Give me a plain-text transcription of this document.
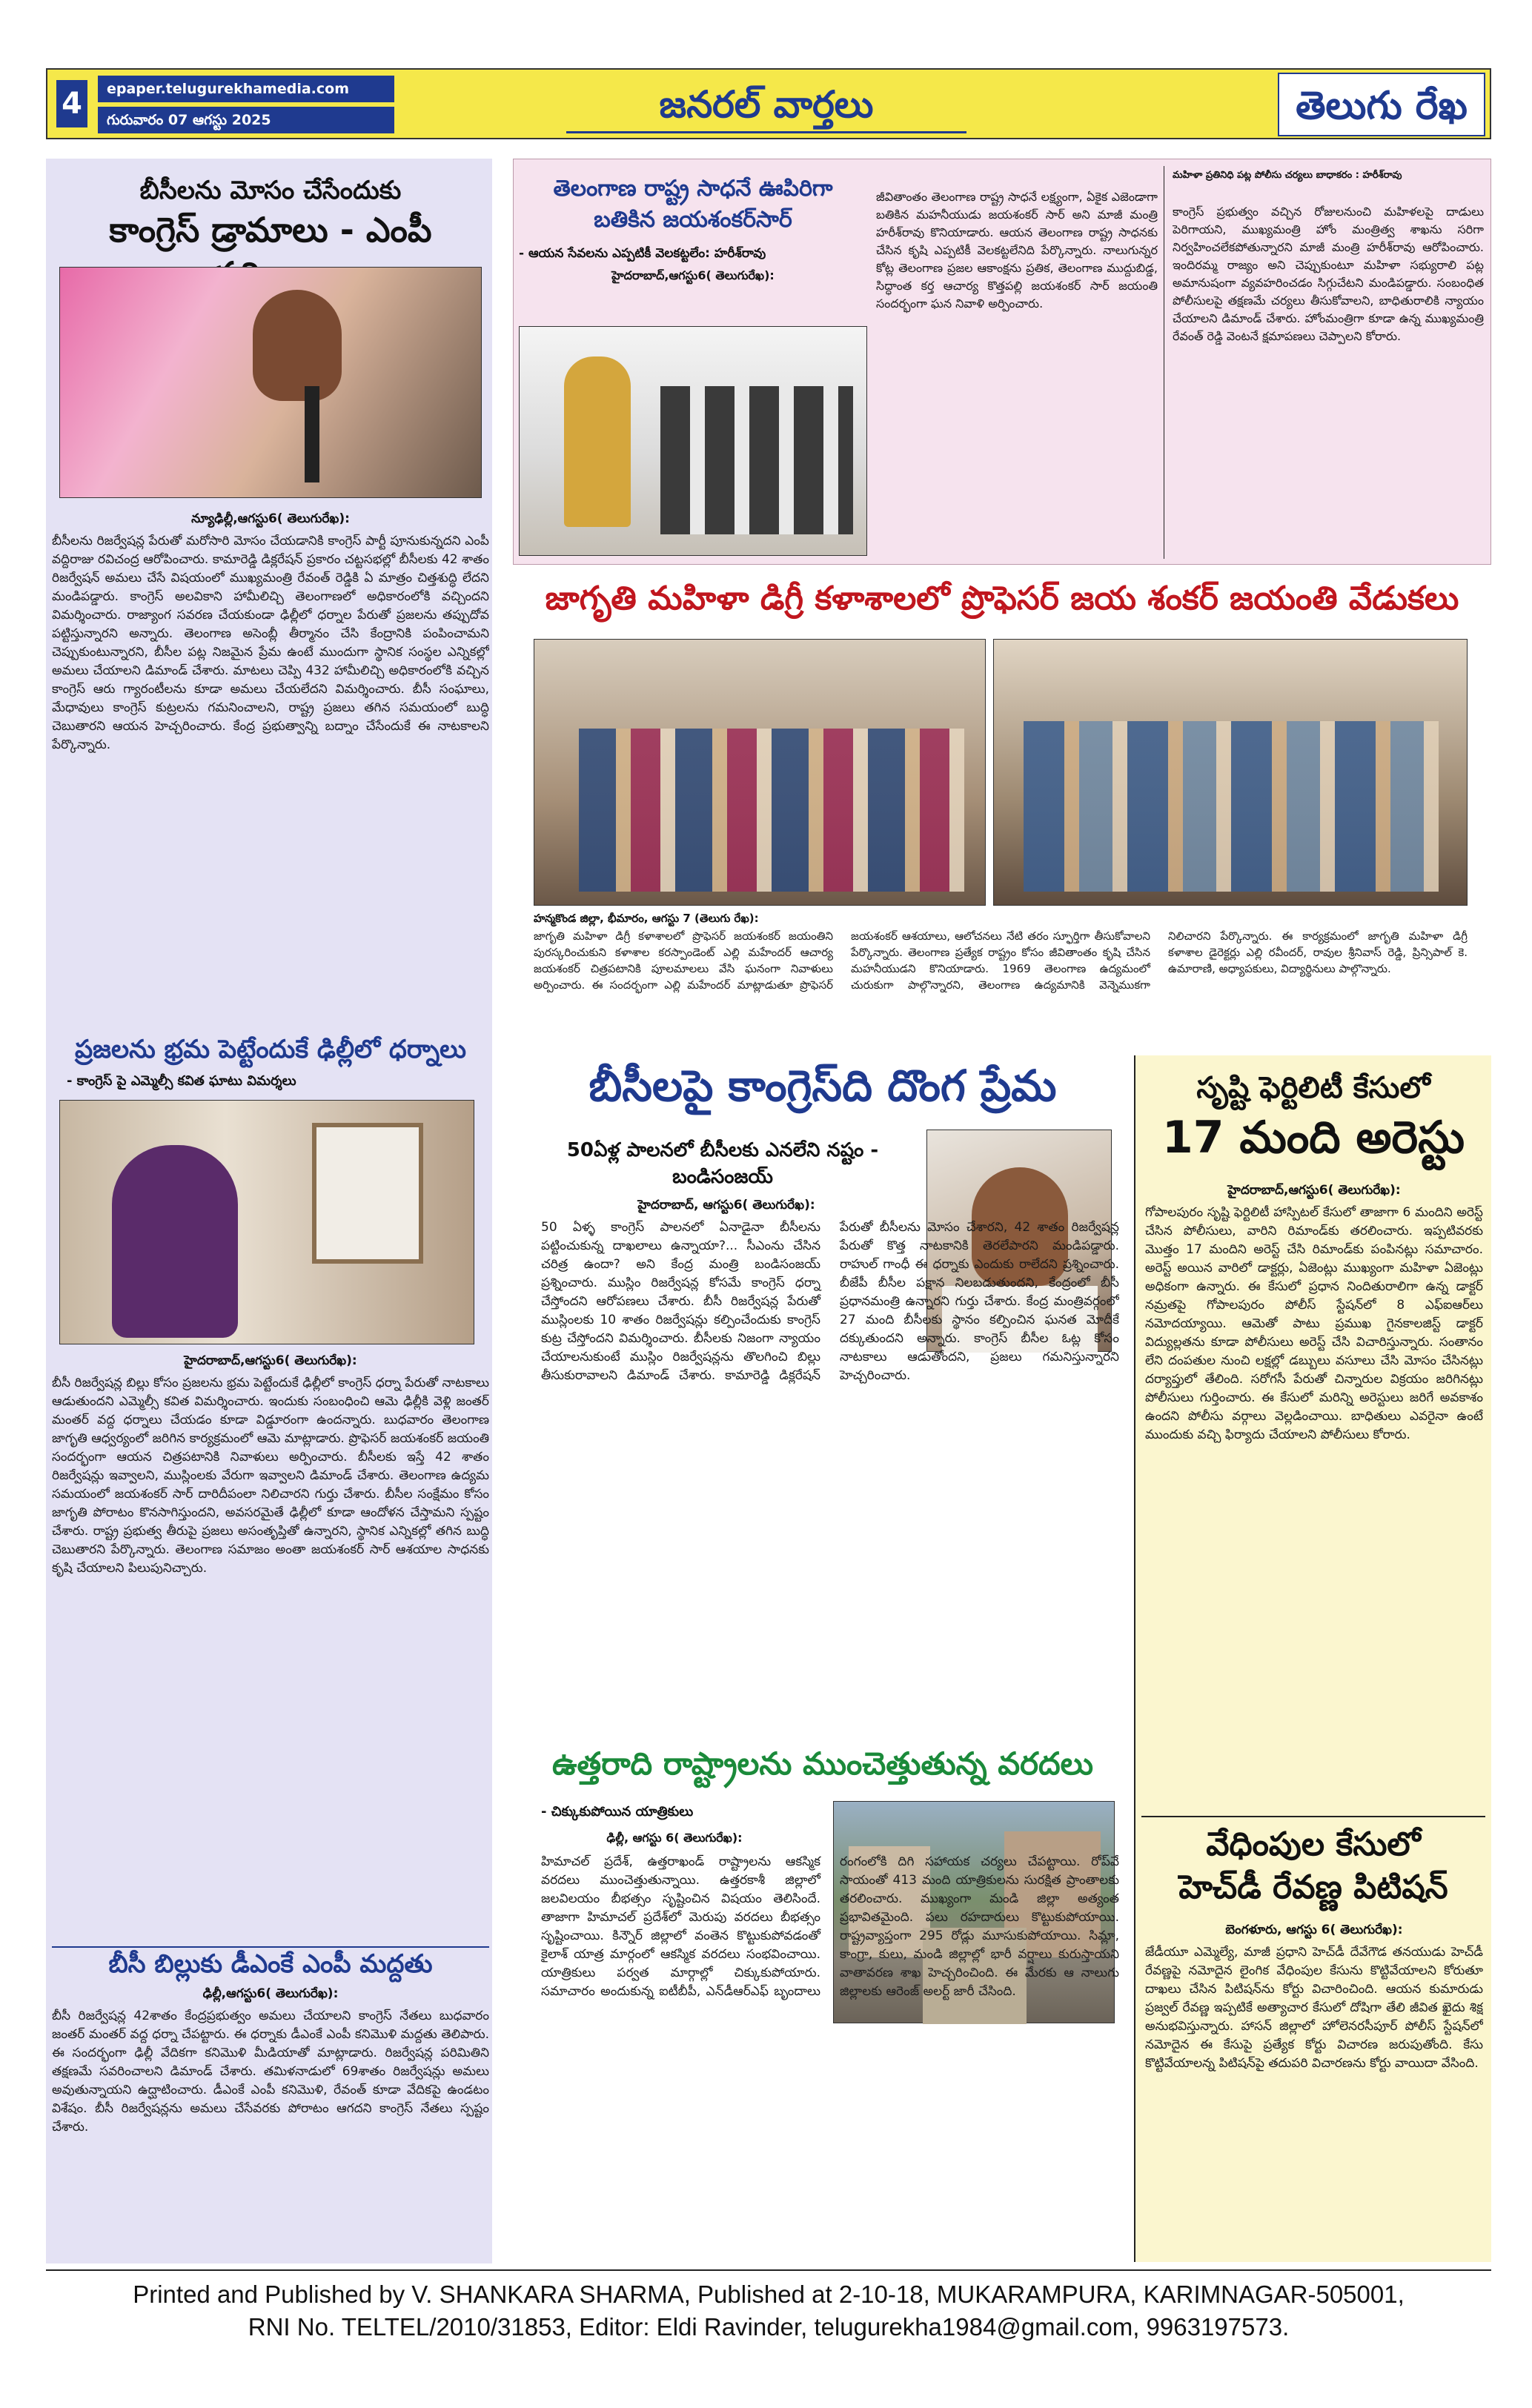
4	epaper.telugurekhamedia.com
గురువారం 07 ఆగస్టు 2025	జనరల్ వార్తలు	తెలుగు రేఖ
బీసీలను మోసం చేసేందుకు
కాంగ్రెస్ డ్రామాలు - ఎంపీ
న్యూఢిల్లీ,ఆగస్టు6( తెలుగురేఖ):
బీసీలను రిజర్వేషన్ల పేరుతో మరోసారి మోసం చేయడానికి కాంగ్రెస్ పార్టీ పూనుకున్నదని ఎంపీ వద్దిరాజు రవిచంద్ర ఆరోపించారు. కామారెడ్డి డిక్లరేషన్ ప్రకారం చట్టసభల్లో బీసీలకు 42 శాతం రిజర్వేషన్ అమలు చేసే విషయంలో ముఖ్యమంత్రి రేవంత్ రెడ్డికి ఏ మాత్రం చిత్తశుద్ధి లేదని మండిపడ్డారు. కాంగ్రెస్ అలవికాని హామీలిచ్చి తెలంగాణలో అధికారంలోకి వచ్చిందని విమర్శించారు. రాజ్యాంగ సవరణ చేయకుండా ఢిల్లీలో ధర్నాల పేరుతో ప్రజలను తప్పుదోవ పట్టిస్తున్నారని అన్నారు. తెలంగాణ అసెంబ్లీ తీర్మానం చేసి కేంద్రానికి పంపించామని చెప్పుకుంటున్నారని, బీసీల పట్ల నిజమైన ప్రేమ ఉంటే ముందుగా స్థానిక సంస్థల ఎన్నికల్లో అమలు చేయాలని డిమాండ్ చేశారు. మాటలు చెప్పి 432 హామీలిచ్చి అధికారంలోకి వచ్చిన కాంగ్రెస్ ఆరు గ్యారంటీలను కూడా అమలు చేయలేదని విమర్శించారు. బీసీ సంఘాలు, మేధావులు కాంగ్రెస్ కుట్రలను గమనించాలని, రాష్ట్ర ప్రజలు తగిన సమయంలో బుద్ధి చెబుతారని ఆయన హెచ్చరించారు. కేంద్ర ప్రభుత్వాన్ని బద్నాం చేసేందుకే ఈ నాటకాలని పేర్కొన్నారు.
ప్రజలను భ్రమ పెట్టేందుకే ఢిల్లీలో ధర్నాలు
- కాంగ్రెస్ పై ఎమ్మెల్సీ కవిత ఘాటు విమర్శలు
హైదరాబాద్,ఆగస్టు6( తెలుగురేఖ):
బీసీ రిజర్వేషన్ల బిల్లు కోసం ప్రజలను భ్రమ పెట్టేందుకే ఢిల్లీలో కాంగ్రెస్ ధర్నా పేరుతో నాటకాలు ఆడుతుందని ఎమ్మెల్సీ కవిత విమర్శించారు. ఇందుకు సంబంధించి ఆమె ఢిల్లీకి వెళ్లి జంతర్ మంతర్ వద్ద ధర్నాలు చేయడం కూడా విడ్డూరంగా ఉందన్నారు. బుధవారం తెలంగాణ జాగృతి ఆధ్వర్యంలో జరిగిన కార్యక్రమంలో ఆమె మాట్లాడారు. ప్రొఫెసర్ జయశంకర్ జయంతి సందర్భంగా ఆయన చిత్రపటానికి నివాళులు అర్పించారు. బీసీలకు ఇస్తే 42 శాతం రిజర్వేషన్లు ఇవ్వాలని, ముస్లింలకు వేరుగా ఇవ్వాలని డిమాండ్ చేశారు. తెలంగాణ ఉద్యమ సమయంలో జయశంకర్ సార్ దారిదీపంలా నిలిచారని గుర్తు చేశారు. బీసీల సంక్షేమం కోసం జాగృతి పోరాటం కొనసాగిస్తుందని, అవసరమైతే ఢిల్లీలో కూడా ఆందోళన చేస్తామని స్పష్టం చేశారు. రాష్ట్ర ప్రభుత్వ తీరుపై ప్రజలు అసంతృప్తితో ఉన్నారని, స్థానిక ఎన్నికల్లో తగిన బుద్ధి చెబుతారని పేర్కొన్నారు. తెలంగాణ సమాజం అంతా జయశంకర్ సార్ ఆశయాల సాధనకు కృషి చేయాలని పిలుపునిచ్చారు.
బీసీ బిల్లుకు డీఎంకే ఎంపీ మద్దతు
ఢిల్లీ,ఆగస్టు6( తెలుగురేఖ):
బీసీ రిజర్వేషన్ల 42శాతం కేంద్రప్రభుత్వం అమలు చేయాలని కాంగ్రెస్ నేతలు బుధవారం జంతర్ మంతర్ వద్ద ధర్నా చేపట్టారు. ఈ ధర్నాకు డీఎంకే ఎంపీ కనిమొళి మద్దతు తెలిపారు. ఈ సందర్భంగా ఢిల్లీ వేదికగా కనిమొళి మీడియాతో మాట్లాడారు. రిజర్వేషన్ల పరిమితిని తక్షణమే సవరించాలని డిమాండ్ చేశారు. తమిళనాడులో 69శాతం రిజర్వేషన్లు అమలు అవుతున్నాయని ఉద్ఘాటించారు. డీఎంకే ఎంపీ కనిమొళి, రేవంత్ కూడా వేదికపై ఉండటం విశేషం. బీసీ రిజర్వేషన్లను అమలు చేసేవరకు పోరాటం ఆగదని కాంగ్రెస్ నేతలు స్పష్టం చేశారు.
తెలంగాణ రాష్ట్ర సాధనే ఊపిరిగా
బతికిన జయశంకర్‌సార్
- ఆయన సేవలను ఎప్పటికీ వెలకట్టలేం: హరీశ్‌రావు
హైదరాబాద్,ఆగస్టు6( తెలుగురేఖ):
జీవితాంతం తెలంగాణ రాష్ట్ర సాధనే లక్ష్యంగా, ఏకైక ఎజెండాగా బతికిన మహనీయుడు జయశంకర్ సార్ అని మాజీ మంత్రి హరీశ్‌రావు కొనియాడారు. ఆయన తెలంగాణ రాష్ట్ర సాధనకు చేసిన కృషి ఎప్పటికీ వెలకట్టలేనిది పేర్కొన్నారు. నాలుగున్నర కోట్ల తెలంగాణ ప్రజల ఆకాంక్షను ప్రతిక, తెలంగాణ ముద్దుబిడ్డ, సిద్ధాంత కర్త ఆచార్య కొత్తపల్లి జయశంకర్ సార్ జయంతి సందర్భంగా ఘన నివాళి అర్పించారు.
మహిళా ప్రతినిధి పట్ల పోలీసు చర్యలు బాధాకరం : హరీశ్‌రావు
కాంగ్రెస్ ప్రభుత్వం వచ్చిన రోజులనుంచి మహిళలపై దాడులు పెరిగాయని, ముఖ్యమంత్రి హోం మంత్రిత్వ శాఖను సరిగా నిర్వహించలేకపోతున్నారని మాజీ మంత్రి హరీశ్‌రావు ఆరోపించారు. ఇందిరమ్మ రాజ్యం అని చెప్పుకుంటూ మహిళా సభ్యురాలి పట్ల అమానుషంగా వ్యవహరించడం సిగ్గుచేటని మండిపడ్డారు. సంబంధిత పోలీసులపై తక్షణమే చర్యలు తీసుకోవాలని, బాధితురాలికి న్యాయం చేయాలని డిమాండ్ చేశారు. హోంమంత్రిగా కూడా ఉన్న ముఖ్యమంత్రి రేవంత్ రెడ్డి వెంటనే క్షమాపణలు చెప్పాలని కోరారు.
జాగృతి మహిళా డిగ్రీ కళాశాలలో ప్రొఫెసర్ జయ శంకర్ జయంతి వేడుకలు
హన్మకొండ జిల్లా, భీమారం, ఆగస్టు 7 (తెలుగు రేఖ):
జాగృతి మహిళా డిగ్రీ కళాశాలలో ప్రొఫెసర్ జయశంకర్ జయంతిని పురస్కరించుకుని కళాశాల కరస్పాండెంట్ ఎల్లి మహేందర్ ఆచార్య జయశంకర్ చిత్రపటానికి పూలమాలలు వేసి ఘనంగా నివాళులు అర్పించారు. ఈ సందర్భంగా ఎల్లి మహేందర్ మాట్లాడుతూ ప్రొఫెసర్ జయశంకర్ ఆశయాలు, ఆలోచనలు నేటి తరం స్ఫూర్తిగా తీసుకోవాలని పేర్కొన్నారు. తెలంగాణ ప్రత్యేక రాష్ట్రం కోసం జీవితాంతం కృషి చేసిన మహనీయుడని కొనియాడారు. 1969 తెలంగాణ ఉద్యమంలో చురుకుగా పాల్గొన్నారని, తెలంగాణ ఉద్యమానికి వెన్నెముకగా నిలిచారని పేర్కొన్నారు. ఈ కార్యక్రమంలో జాగృతి మహిళా డిగ్రీ కళాశాల డైరెక్టర్లు ఎల్లి రవీందర్, రావుల శ్రీనివాస్ రెడ్డి, ప్రిన్సిపాల్ కె. ఉమారాణి, అధ్యాపకులు, విద్యార్థినులు పాల్గొన్నారు.
బీసీలపై కాంగ్రెస్‌ది దొంగ ప్రేమ
50ఏళ్ల పాలనలో బీసీలకు ఎనలేని నష్టం - బండిసంజయ్
హైదరాబాద్, ఆగస్టు6( తెలుగురేఖ):
50 ఏళ్ళ కాంగ్రెస్ పాలనలో ఏనాడైనా బీసీలను పట్టించుకున్న దాఖలాలు ఉన్నాయా?... సీఎంను చేసిన చరిత్ర ఉందా? అని కేంద్ర మంత్రి బండిసంజయ్ ప్రశ్నించారు. ముస్లిం రిజర్వేషన్ల కోసమే కాంగ్రెస్ ధర్నా చేస్తోందని ఆరోపణలు చేశారు. బీసీ రిజర్వేషన్ల పేరుతో ముస్లింలకు 10 శాతం రిజర్వేషన్లు కల్పించేందుకు కాంగ్రెస్ కుట్ర చేస్తోందని విమర్శించారు. బీసీలకు నిజంగా న్యాయం చేయాలనుకుంటే ముస్లిం రిజర్వేషన్లను తొలగించి బిల్లు తీసుకురావాలని డిమాండ్ చేశారు. కామారెడ్డి డిక్లరేషన్ పేరుతో బీసీలను మోసం చేశారని, 42 శాతం రిజర్వేషన్ల పేరుతో కొత్త నాటకానికి తెరలేపారని మండిపడ్డారు. రాహుల్ గాంధీ ఈ ధర్నాకు ఎందుకు రాలేదని ప్రశ్నించారు. బీజేపీ బీసీల పక్షాన నిలబడుతుందని, కేంద్రంలో బీసీ ప్రధానమంత్రి ఉన్నారని గుర్తు చేశారు. కేంద్ర మంత్రివర్గంలో 27 మంది బీసీలకు స్థానం కల్పించిన ఘనత మోదీకే దక్కుతుందని అన్నారు. కాంగ్రెస్ బీసీల ఓట్ల కోసం నాటకాలు ఆడుతోందని, ప్రజలు గమనిస్తున్నారని హెచ్చరించారు.
ఉత్తరాది రాష్ట్రాలను ముంచెత్తుతున్న వరదలు
- చిక్కుకుపోయిన యాత్రికులు
ఢిల్లీ, ఆగస్టు 6( తెలుగురేఖ):
హిమాచల్ ప్రదేశ్, ఉత్తరాఖండ్ రాష్ట్రాలను ఆకస్మిక వరదలు ముంచెత్తుతున్నాయి. ఉత్తరకాశీ జిల్లాలో జలవిలయం బీభత్సం సృష్టించిన విషయం తెలిసిందే. తాజాగా హిమాచల్ ప్రదేశ్‌లో మెరుపు వరదలు బీభత్సం సృష్టించాయి. కిన్నౌర్ జిల్లాలో వంతెన కొట్టుకుపోవడంతో కైలాశ్ యాత్ర మార్గంలో ఆకస్మిక వరదలు సంభవించాయి. యాత్రికులు పర్వత మార్గాల్లో చిక్కుకుపోయారు. సమాచారం అందుకున్న ఐటీబీపీ, ఎన్‌డీఆర్‌ఎఫ్ బృందాలు రంగంలోకి దిగి సహాయక చర్యలు చేపట్టాయి. రోప్‌వే సాయంతో 413 మంది యాత్రికులను సురక్షిత ప్రాంతాలకు తరలించారు. ముఖ్యంగా మండి జిల్లా అత్యంత ప్రభావితమైంది. పలు రహదారులు కొట్టుకుపోయాయి. రాష్ట్రవ్యాప్తంగా 295 రోడ్లు మూసుకుపోయాయి. సిమ్లా, కాంగ్రా, కులు, మండి జిల్లాల్లో భారీ వర్షాలు కురుస్తాయని వాతావరణ శాఖ హెచ్చరించింది. ఈ మేరకు ఆ నాలుగు జిల్లాలకు ఆరెంజ్ అలర్ట్ జారీ చేసింది.
సృష్టి ఫెర్టిలిటీ కేసులో
17 మంది అరెస్టు
హైదరాబాద్,ఆగస్టు6( తెలుగురేఖ):
గోపాలపురం సృష్టి ఫెర్టిలిటీ హాస్పిటల్ కేసులో తాజాగా 6 మందిని అరెస్ట్ చేసిన పోలీసులు, వారిని రిమాండ్‌కు తరలించారు. ఇప్పటివరకు మొత్తం 17 మందిని అరెస్ట్ చేసి రిమాండ్‌కు పంపినట్లు సమాచారం. అరెస్ట్ అయిన వారిలో డాక్టర్లు, ఏజెంట్లు ముఖ్యంగా మహిళా ఏజెంట్లు అధికంగా ఉన్నారు. ఈ కేసులో ప్రధాన నిందితురాలిగా ఉన్న డాక్టర్ నమ్రతపై గోపాలపురం పోలీస్ స్టేషన్‌లో 8 ఎఫ్‌ఐఆర్‌లు నమోదయ్యాయి. ఆమెతో పాటు ప్రముఖ గైనకాలజిస్ట్ డాక్టర్ విద్యుల్లతను కూడా పోలీసులు అరెస్ట్ చేసి విచారిస్తున్నారు. సంతానం లేని దంపతుల నుంచి లక్షల్లో డబ్బులు వసూలు చేసి మోసం చేసినట్లు దర్యాప్తులో తేలింది. సరోగసీ పేరుతో చిన్నారుల విక్రయం జరిగినట్లు పోలీసులు గుర్తించారు. ఈ కేసులో మరిన్ని అరెస్టులు జరిగే అవకాశం ఉందని పోలీసు వర్గాలు వెల్లడించాయి. బాధితులు ఎవరైనా ఉంటే ముందుకు వచ్చి ఫిర్యాదు చేయాలని పోలీసులు కోరారు.
వేధింపుల కేసులో
హెచ్‌డీ రేవణ్ణ పిటిషన్
బెంగళూరు, ఆగస్టు 6( తెలుగురేఖ):
జేడీయూ ఎమ్మెల్యే, మాజీ ప్రధాని హెచ్‌డీ దేవేగౌడ తనయుడు హెచ్‌డీ రేవణ్ణపై నమోదైన లైంగిక వేధింపుల కేసును కొట్టివేయాలని కోరుతూ దాఖలు చేసిన పిటిషన్‌ను కోర్టు విచారించింది. ఆయన కుమారుడు ప్రజ్వల్ రేవణ్ణ ఇప్పటికే అత్యాచార కేసులో దోషిగా తేలి జీవిత ఖైదు శిక్ష అనుభవిస్తున్నారు. హాసన్ జిల్లాలో హోలెనరసీపూర్ పోలీస్ స్టేషన్‌లో నమోదైన ఈ కేసుపై ప్రత్యేక కోర్టు విచారణ జరుపుతోంది. కేసు కొట్టివేయాలన్న పిటిషన్‌పై తదుపరి విచారణను కోర్టు వాయిదా వేసింది.
Printed and Published by V. SHANKARA SHARMA, Published at 2-10-18, MUKARAMPURA, KARIMNAGAR-505001,
RNI No. TELTEL/2010/31853, Editor: Eldi Ravinder, telugurekha1984@gmail.com, 9963197573.
